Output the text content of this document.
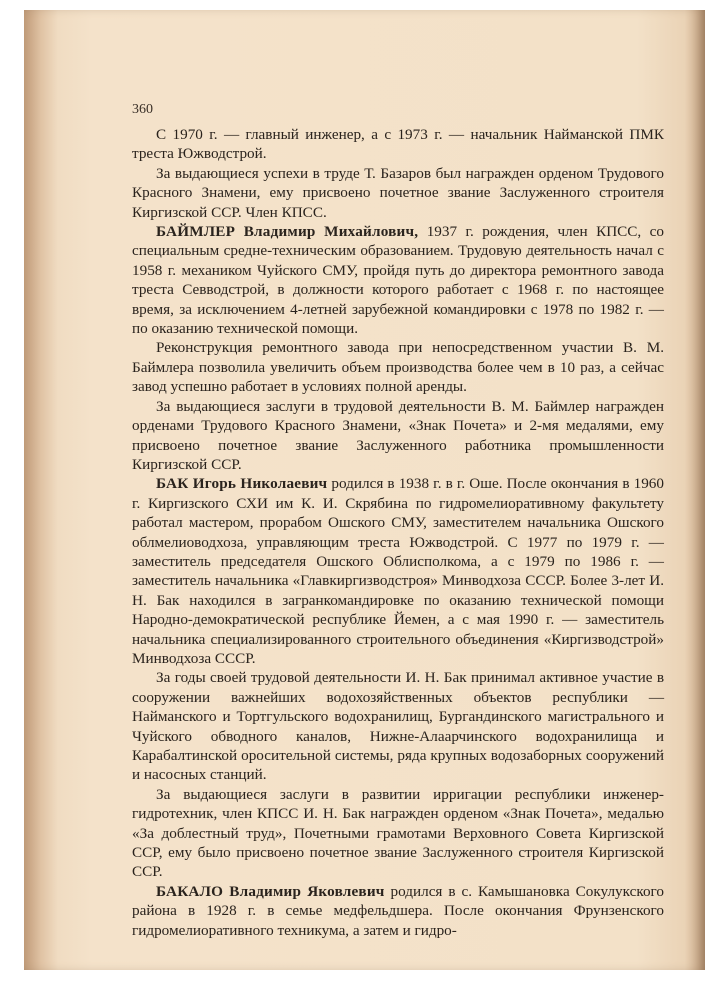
360

С 1970 г. — главный инженер, а с 1973 г. — начальник Найманской ПМК треста Южводстрой.

За выдающиеся успехи в труде Т. Базаров был награжден орденом Трудового Красного Знамени, ему присвоено почетное звание Заслуженного строителя Киргизской ССР. Член КПСС.

БАЙМЛЕР Владимир Михайлович, 1937 г. рождения, член КПСС, со специальным средне-техническим образованием. Трудовую деятельность начал с 1958 г. механиком Чуйского СМУ, пройдя путь до директора ремонтного завода треста Севводстрой, в должности которого работает с 1968 г. по настоящее время, за исключением 4-летней зарубежной командировки с 1978 по 1982 г. — по оказанию технической помощи.

Реконструкция ремонтного завода при непосредственном участии В. М. Баймлера позволила увеличить объем производства более чем в 10 раз, а сейчас завод успешно работает в условиях полной аренды.

За выдающиеся заслуги в трудовой деятельности В. М. Баймлер награжден орденами Трудового Красного Знамени, «Знак Почета» и 2-мя медалями, ему присвоено почетное звание Заслуженного работника промышленности Киргизской ССР.

БАК Игорь Николаевич родился в 1938 г. в г. Оше. После окончания в 1960 г. Киргизского СХИ им К. И. Скрябина по гидромелиоративному факультету работал мастером, прорабом Ошского СМУ, заместителем начальника Ошского облмелиоводхоза, управляющим треста Южводстрой. С 1977 по 1979 г. — заместитель председателя Ошского Облисполкома, а с 1979 по 1986 г. — заместитель начальника «Главкиргизводстроя» Минводхоза СССР. Более 3-лет И. Н. Бак находился в загранкомандировке по оказанию технической помощи Народно-демократической республике Йемен, а с мая 1990 г. — заместитель начальника специализированного строительного объединения «Киргизводстрой» Минводхоза СССР.

За годы своей трудовой деятельности И. Н. Бак принимал активное участие в сооружении важнейших водохозяйственных объектов республики — Найманского и Тортгульского водохранилищ, Бургандинского магистрального и Чуйского обводного каналов, Нижне-Алаарчинского водохранилища и Карабалтинской оросительной системы, ряда крупных водозаборных сооружений и насосных станций.

За выдающиеся заслуги в развитии ирригации республики инженер-гидротехник, член КПСС И. Н. Бак награжден орденом «Знак Почета», медалью «За доблестный труд», Почетными грамотами Верховного Совета Киргизской ССР, ему было присвоено почетное звание Заслуженного строителя Киргизской ССР.

БАКАЛО Владимир Яковлевич родился в с. Камышановка Сокулукского района в 1928 г. в семье медфельдшера. После окончания Фрунзенского гидромелиоративного техникума, а затем и гидро-
